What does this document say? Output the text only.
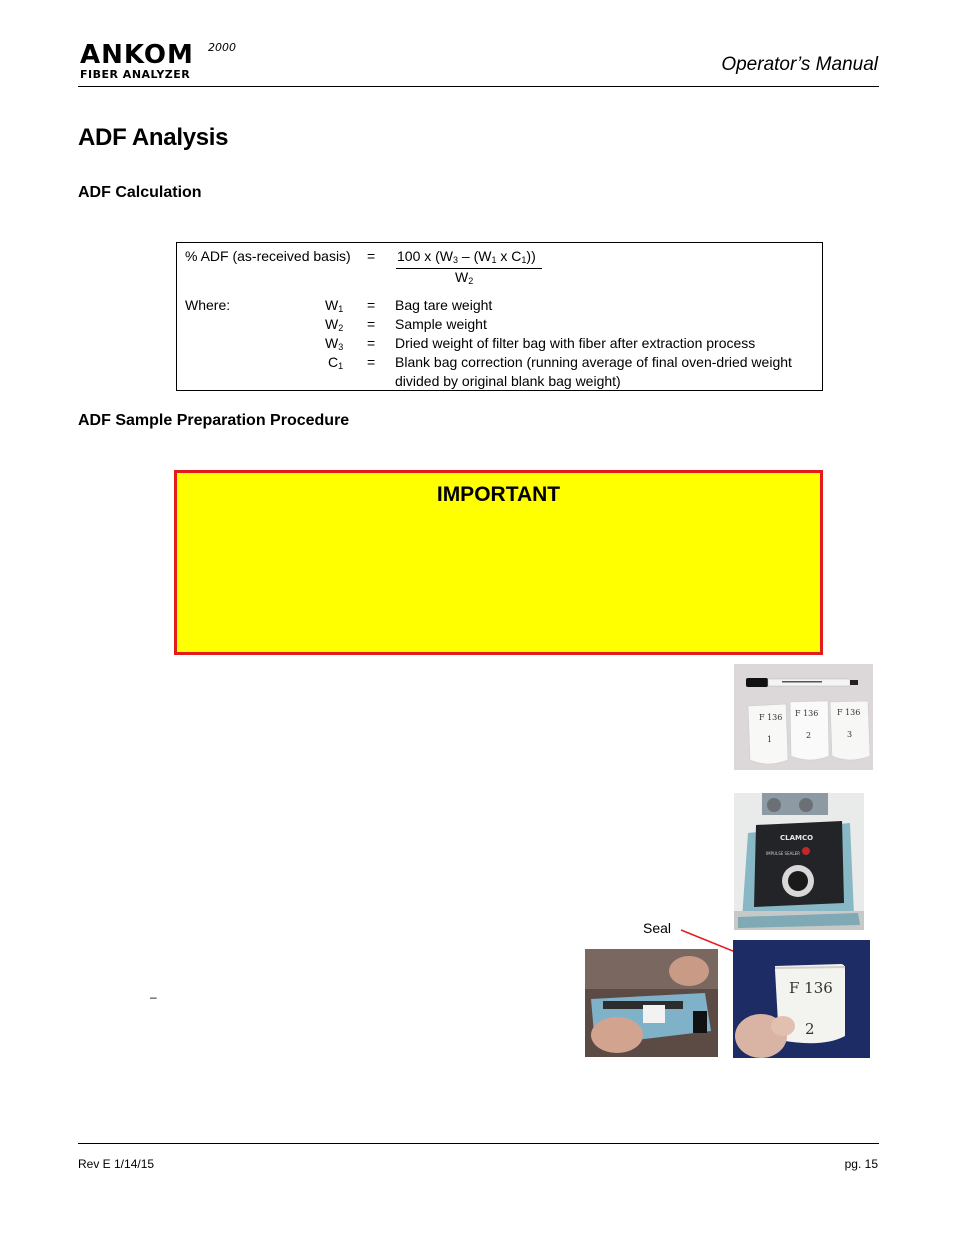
ANKOM 2000
FIBER ANALYZER	Operator’s Manual
ADF Analysis
ADF Calculation
% ADF (as-received basis) = 100 x ($W_3 - (W_1$ x $C_1$))
$W_2$
Where:	$W_1$ = Bag tare weight
$W_2$ = Sample weight
$W_3$ = Dried weight of filter bag with fiber after extraction process
$C_1$ = Blank bag correction (running average of final oven-dried weight
divided by original blank bag weight)
ADF Sample Preparation Procedure
IMPORTANT
F 136 F 136 F 136
1	2	3
CLAMCO
IMPULSE SEALER
Seal
F 136
2
–
Rev E 1/14/15	pg. 15
